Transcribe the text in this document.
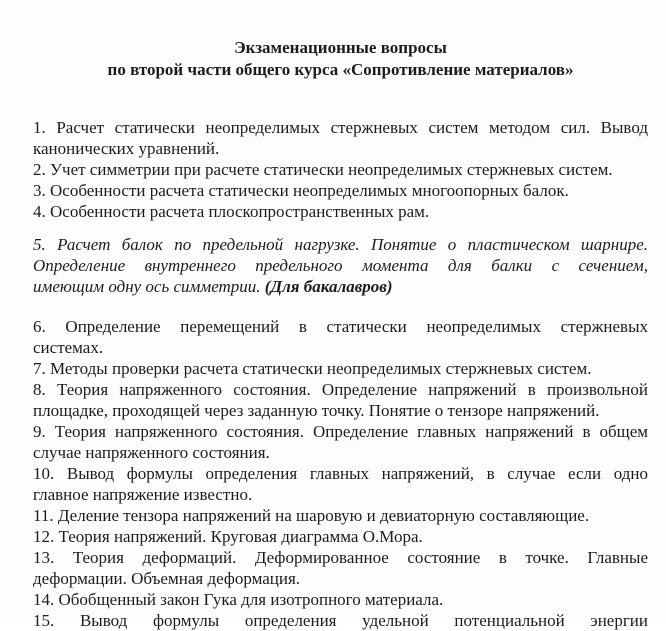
Экзаменационные вопросы
по второй части общего курса «Сопротивление материалов»
1. Расчет статически неопределимых стержневых систем методом сил. Вывод
канонических уравнений.
2. Учет симметрии при расчете статически неопределимых стержневых систем.
3. Особенности расчета статически неопределимых многоопорных балок.
4. Особенности расчета плоскопространственных рам.
5. Расчет балок по предельной нагрузке. Понятие о пластическом шарнире.
Определение внутреннего предельного момента для балки с сечением,
имеющим одну ось симметрии. (Для бакалавров)
6. Определение перемещений в статически неопределимых стержневых
системах.
7. Методы проверки расчета статически неопределимых стержневых систем.
8. Теория напряженного состояния. Определение напряжений в произвольной
площадке, проходящей через заданную точку. Понятие о тензоре напряжений.
9. Теория напряженного состояния. Определение главных напряжений в общем
случае напряженного состояния.
10. Вывод формулы определения главных напряжений, в случае если одно
главное напряжение известно.
11. Деление тензора напряжений на шаровую и девиаторную составляющие.
12. Теория напряжений. Круговая диаграмма О.Мора.
13. Теория деформаций. Деформированное состояние в точке. Главные
деформации. Объемная деформация.
14. Обобщенный закон Гука для изотропного материала.
15. Вывод формулы определения удельной потенциальной энергии
